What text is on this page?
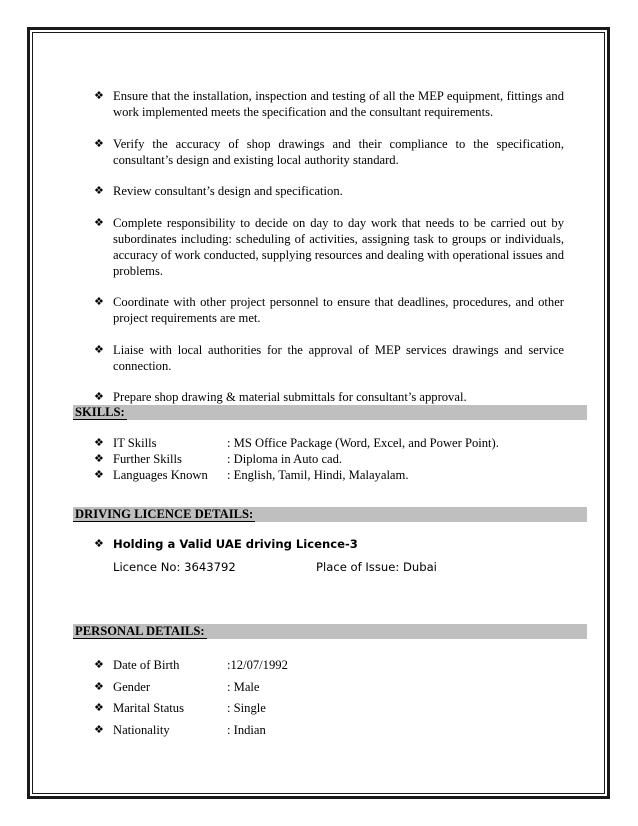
❖ Ensure that the installation, inspection and testing of all the MEP equipment, fittings and work implemented meets the specification and the consultant requirements.
❖ Verify the accuracy of shop drawings and their compliance to the specification, consultant’s design and existing local authority standard.
❖ Review consultant’s design and specification.
❖ Complete responsibility to decide on day to day work that needs to be carried out by subordinates including: scheduling of activities, assigning task to groups or individuals, accuracy of work conducted, supplying resources and dealing with operational issues and problems.
❖ Coordinate with other project personnel to ensure that deadlines, procedures, and other project requirements are met.
❖ Liaise with local authorities for the approval of MEP services drawings and service connection.
❖ Prepare shop drawing & material submittals for consultant’s approval.
SKILLS:
❖ IT Skills	: MS Office Package (Word, Excel, and Power Point).
❖ Further Skills	: Diploma in Auto cad.
❖ Languages Known : English, Tamil, Hindi, Malayalam.
DRIVING LICENCE DETAILS:
❖ Holding a Valid UAE driving Licence-3
Licence No: 3643792	Place of Issue: Dubai
PERSONAL DETAILS:
❖ Date of Birth	:12/07/1992
❖ Gender	: Male
❖ Marital Status	: Single
❖ Nationality	: Indian
